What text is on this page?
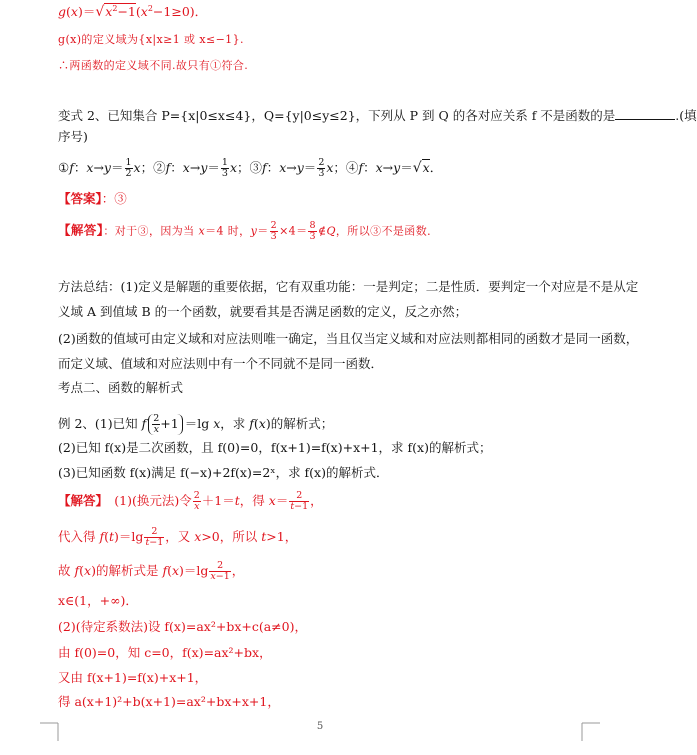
$g(x)=√x^2-1(x^2-1\ge 0)$．
g(x)的定义域为{x|x≥1 或 x≤−1}.
∴两函数的定义域不同.故只有①符合.
变式 2、已知集合 P={x|0≤x≤4}，Q={y|0≤y≤2}，下列从 P 到 Q 的各对应关系 f 不是函数的是	.(填
序号)
①f：$x\to y= \frac{1}{2}$ x；②f：$x\to y= \frac{1}{3}$ x；③f：$x\to y= \frac{2}{3}$ x；④f：x→y＝√x．
【答案】：③
【解答】：对于③，因为当 x＝4 时，$y= \frac{2}{3} \times 4= \frac{8}{3}$ ∉Q，所以③不是函数．
方法总结：(1)定义是解题的重要依据，它有双重功能：一是判定；二是性质．要判定一个对应是不是从定
义域 A 到值域 B 的一个函数，就要看其是否满足函数的定义，反之亦然；
(2)函数的值域可由定义域和对应法则唯一确定，当且仅当定义域和对应法则都相同的函数才是同一函数，
而定义域、值域和对应法则中有一个不同就不是同一函数．
考点二、函数的解析式
例 2、(1)已知 f $\frac{2}{x} +1 =\lg$ x，求 f(x)的解析式；
(2)已知 f(x)是二次函数，且 f(0)=0，f(x+1)=f(x)+x+1，求 f(x)的解析式；
(3)已知函数 f(x)满足 f(−x)+2f(x)=2ˣ，求 f(x)的解析式．
【解答】　(1)(换元法)令 $\frac{2}{x} +1=t$，得 $x= \frac{2}{t-1}$ ，
代入得 $f(t)=\lg \frac{2}{t-1}$ ，又 x>0，所以 t>1，
故 f(x)的解析式是 $f(x)=\lg \frac{2}{x-1}$ ，
x∈(1，+∞)．
(2)(待定系数法)设 f(x)=ax²+bx+c(a≠0)，
由 f(0)=0，知 c=0，f(x)=ax²+bx，
又由 f(x+1)=f(x)+x+1，
得 a(x+1)²+b(x+1)=ax²+bx+x+1，
5
